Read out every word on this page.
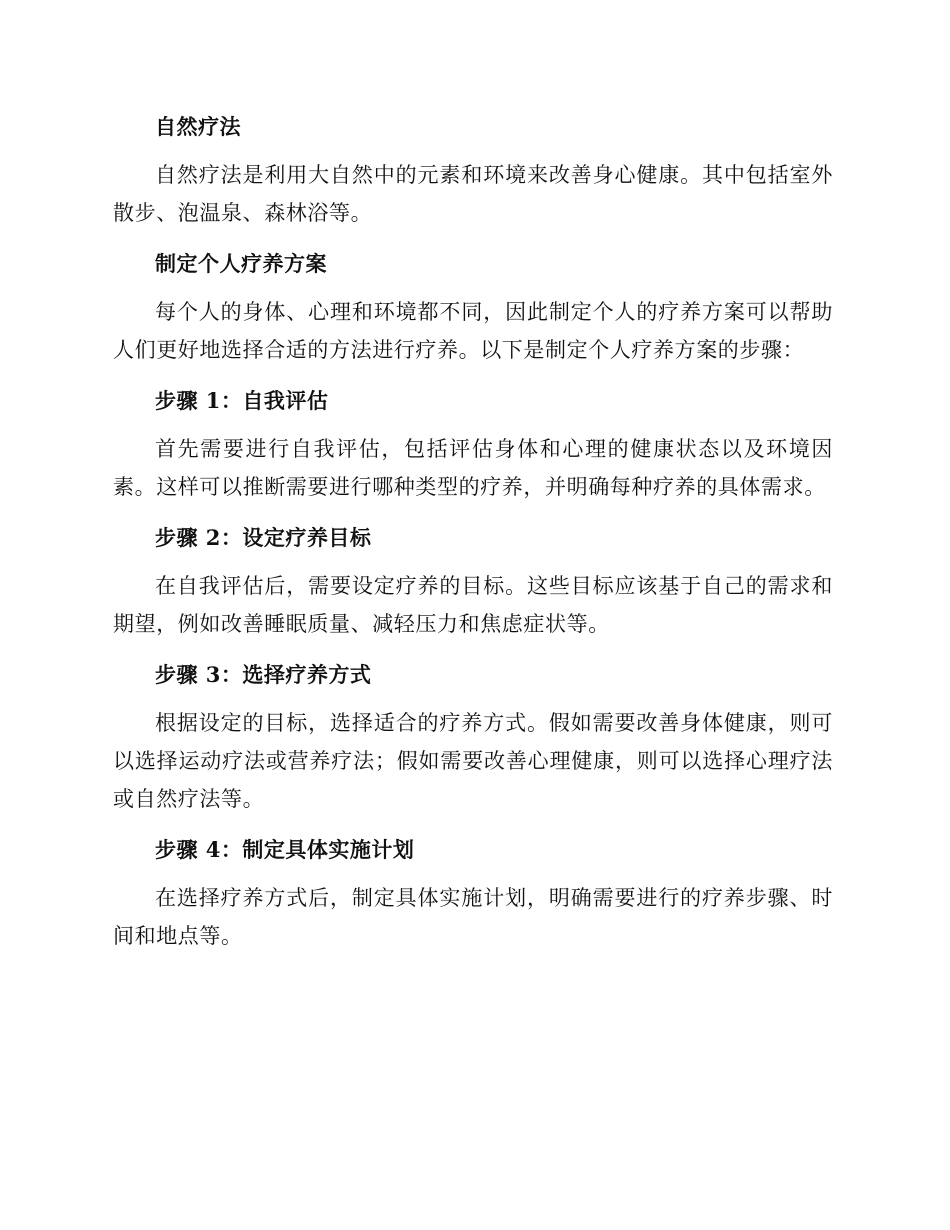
自然疗法

自然疗法是利用大自然中的元素和环境来改善身心健康。其中包括室外散步、泡温泉、森林浴等。

制定个人疗养方案

每个人的身体、心理和环境都不同，因此制定个人的疗养方案可以帮助人们更好地选择合适的方法进行疗养。以下是制定个人疗养方案的步骤：

步骤 1：自我评估

首先需要进行自我评估，包括评估身体和心理的健康状态以及环境因素。这样可以推断需要进行哪种类型的疗养，并明确每种疗养的具体需求。

步骤 2：设定疗养目标

在自我评估后，需要设定疗养的目标。这些目标应该基于自己的需求和期望，例如改善睡眠质量、减轻压力和焦虑症状等。

步骤 3：选择疗养方式

根据设定的目标，选择适合的疗养方式。假如需要改善身体健康，则可以选择运动疗法或营养疗法；假如需要改善心理健康，则可以选择心理疗法或自然疗法等。

步骤 4：制定具体实施计划

在选择疗养方式后，制定具体实施计划，明确需要进行的疗养步骤、时间和地点等。
